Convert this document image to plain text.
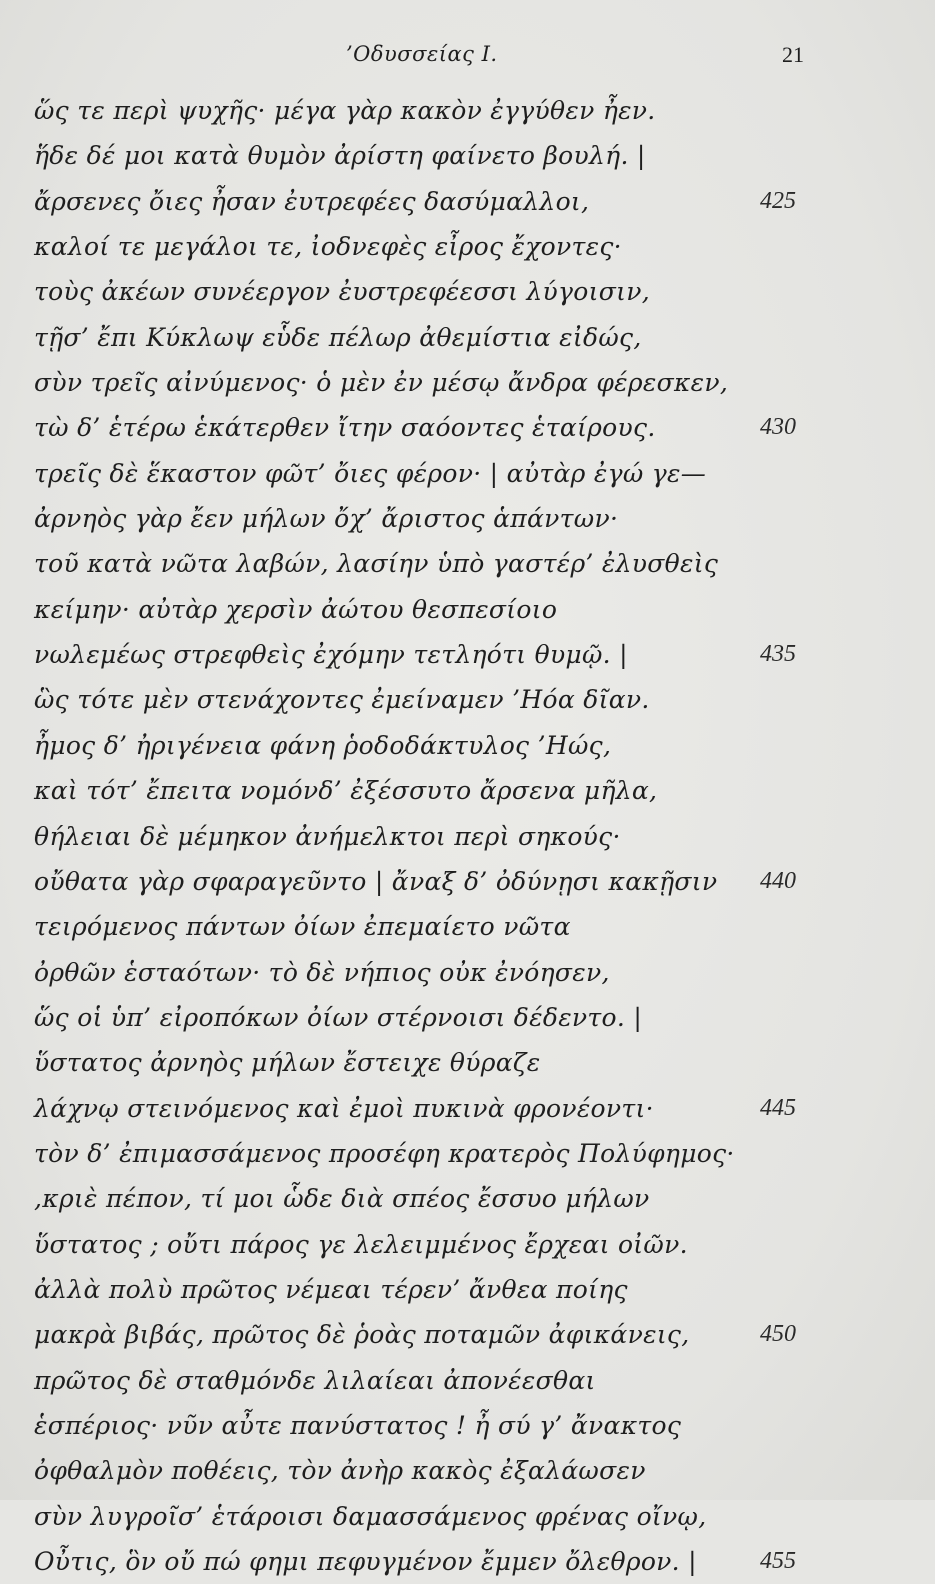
’Οδυσσείας Ι.	21
ὥς τε περὶ ψυχῆς· μέγα γὰρ κακὸν ἐγγύθεν ἦεν.
ἥδε δέ μοι κατὰ θυμὸν ἀρίστη φαίνετο βουλή. |
ἄρσενες ὄιες ἦσαν ἐυτρεφέες δασύμαλλοι,	425
καλοί τε μεγάλοι τε, ἰοδνεφὲς εἶρος ἔχοντες·
τοὺς ἀκέων συνέεργον ἐυστρεφέεσσι λύγοισιν,
τῇσ’ ἔπι Κύκλωψ εὗδε πέλωρ ἀθεμίστια εἰδώς,
σὺν τρεῖς αἰνύμενος· ὁ μὲν ἐν μέσῳ ἄνδρα φέρεσκεν,
τὼ δ’ ἑτέρω ἑκάτερθεν ἴτην σαόοντες ἑταίρους.	430
τρεῖς δὲ ἕκαστον φῶτ’ ὄιες φέρον· | αὐτὰρ ἐγώ γε—
ἀρνηὸς γὰρ ἔεν μήλων ὄχ’ ἄριστος ἁπάντων·
τοῦ κατὰ νῶτα λαβών, λασίην ὑπὸ γαστέρ’ ἐλυσθεὶς
κείμην· αὐτὰρ χερσὶν ἀώτου θεσπεσίοιο
νωλεμέως στρεφθεὶς ἐχόμην τετληότι θυμῷ. |	435
ὣς τότε μὲν στενάχοντες ἐμείναμεν ’Ηόα δῖαν.
ἦμος δ’ ἠριγένεια φάνη ῥοδοδάκτυλος ’Ηώς,
καὶ τότ’ ἔπειτα νομόνδ’ ἐξέσσυτο ἄρσενα μῆλα,
θήλειαι δὲ μέμηκον ἀνήμελκτοι περὶ σηκούς·
οὔθατα γὰρ σφαραγεῦντο | ἄναξ δ’ ὀδύνῃσι κακῇσιν 440
τειρόμενος πάντων ὀίων ἐπεμαίετο νῶτα
ὀρθῶν ἑσταότων· τὸ δὲ νήπιος οὐκ ἐνόησεν,
ὥς οἱ ὑπ’ εἰροπόκων ὀίων στέρνοισι δέδεντο. |
ὕστατος ἀρνηὸς μήλων ἔστειχε θύραζε
λάχνῳ στεινόμενος καὶ ἐμοὶ πυκινὰ φρονέοντι·	445
τὸν δ’ ἐπιμασσάμενος προσέφη κρατερὸς Πολύφημος·
,κριὲ πέπον, τί μοι ὧδε διὰ σπέος ἔσσυο μήλων
ὕστατος ; οὔτι πάρος γε λελειμμένος ἔρχεαι οἰῶν.
ἀλλὰ πολὺ πρῶτος νέμεαι τέρεν’ ἄνθεα ποίης
μακρὰ βιβάς, πρῶτος δὲ ῥοὰς ποταμῶν ἀφικάνεις,	450
πρῶτος δὲ σταθμόνδε λιλαίεαι ἀπονέεσθαι
ἑσπέριος· νῦν αὖτε πανύστατος ! ἦ σύ γ’ ἄνακτος
ὀφθαλμὸν ποθέεις, τὸν ἀνὴρ κακὸς ἐξαλάωσεν
σὺν λυγροῖσ’ ἑτάροισι δαμασσάμενος φρένας οἴνῳ,
Οὖτις, ὃν οὔ πώ φημι πεφυγμένον ἔμμεν ὄλεθρον. |	455
